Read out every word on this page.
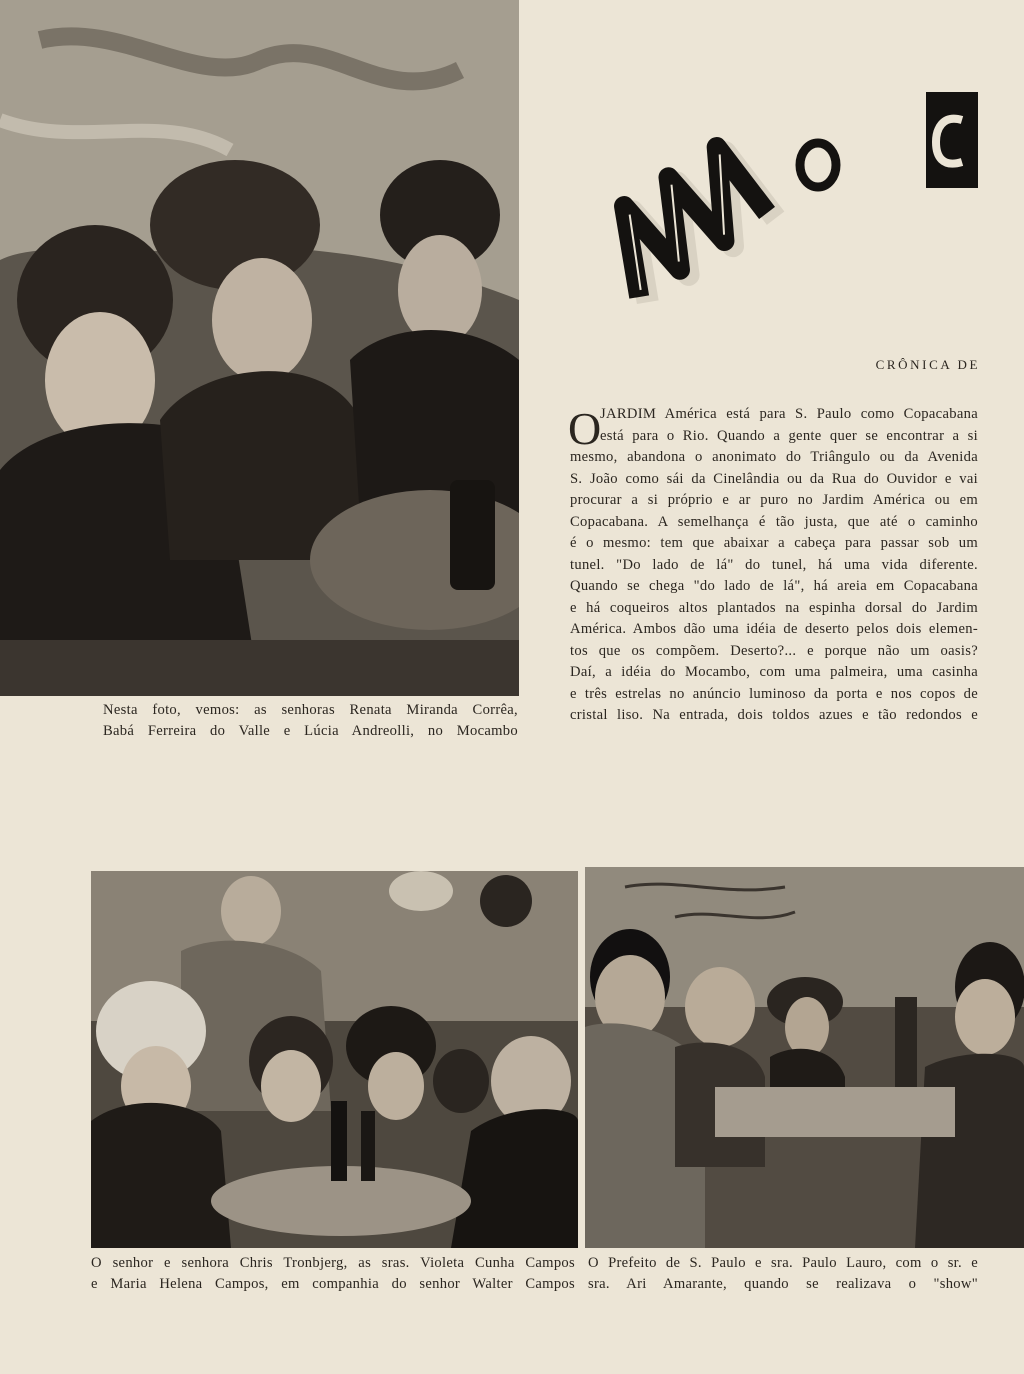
Nesta foto, vemos: as senhoras Renata Miranda Corrêa,
Babá Ferreira do Valle e Lúcia Andreolli, no Mocambo
CRÔNICA DE
O
JARDIM América está para S. Paulo como Copacabana
está para o Rio. Quando a gente quer se encontrar a si
mesmo, abandona o anonimato do Triângulo ou da Avenida
S. João como sái da Cinelândia ou da Rua do Ouvidor e vai
procurar a si próprio e ar puro no Jardim América ou em
Copacabana. A semelhança é tão justa, que até o caminho
é o mesmo: tem que abaixar a cabeça para passar sob um
tunel. "Do lado de lá" do tunel, há uma vida diferente.
Quando se chega "do lado de lá", há areia em Copacabana
e há coqueiros altos plantados na espinha dorsal do Jardim
América. Ambos dão uma idéia de deserto pelos dois elemen-
tos que os compõem. Deserto?... e porque não um oasis?
Daí, a idéia do Mocambo, com uma palmeira, uma casinha
e três estrelas no anúncio luminoso da porta e nos copos de
cristal liso. Na entrada, dois toldos azues e tão redondos e
O senhor e senhora Chris Tronbjerg, as sras. Violeta Cunha Campos
e Maria Helena Campos, em companhia do senhor Walter Campos
O Prefeito de S. Paulo e sra. Paulo Lauro, com o sr. e
sra. Ari Amarante, quando se realizava o "show"
